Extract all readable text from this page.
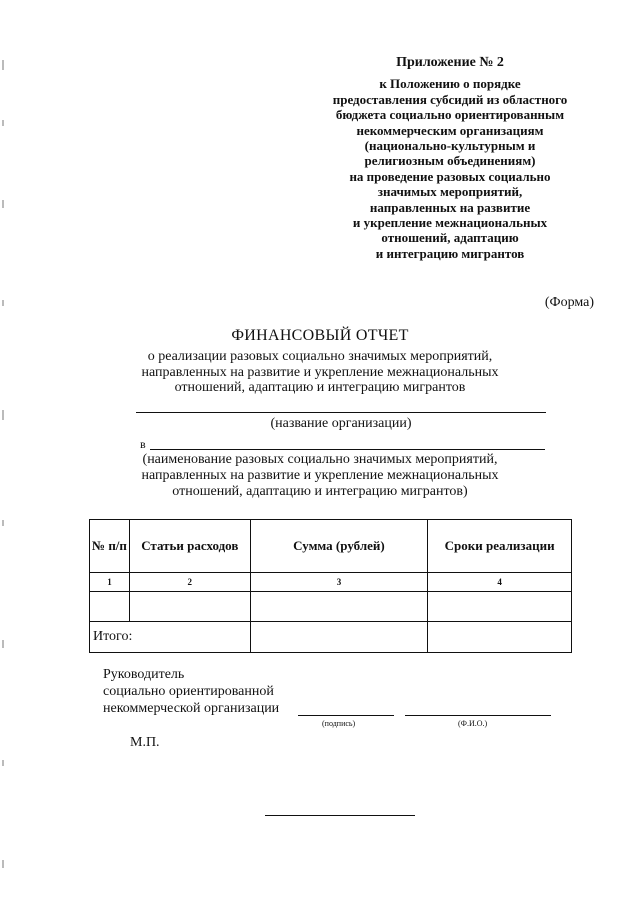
Приложение № 2
к Положению о порядке
предоставления субсидий из областного
бюджета социально ориентированным
некоммерческим организациям
(национально-культурным и
религиозным объединениям)
на проведение разовых социально
значимых мероприятий,
направленных на развитие
и укрепление межнациональных
отношений, адаптацию
и интеграцию мигрантов
(Форма)
ФИНАНСОВЫЙ ОТЧЕТ
о реализации разовых социально значимых мероприятий,
направленных на развитие и укрепление межнациональных
отношений, адаптацию и интеграцию мигрантов
(название организации)
в
(наименование разовых социально значимых мероприятий,
направленных на развитие и укрепление межнациональных
отношений, адаптацию и интеграцию мигрантов)
№ п/п	Статьи расходов	Сумма (рублей)	Сроки реализации
1	2	3	4

Итого:			
Руководитель
социально ориентированной
некоммерческой организации
(подпись)	(Ф.И.О.)
М.П.
